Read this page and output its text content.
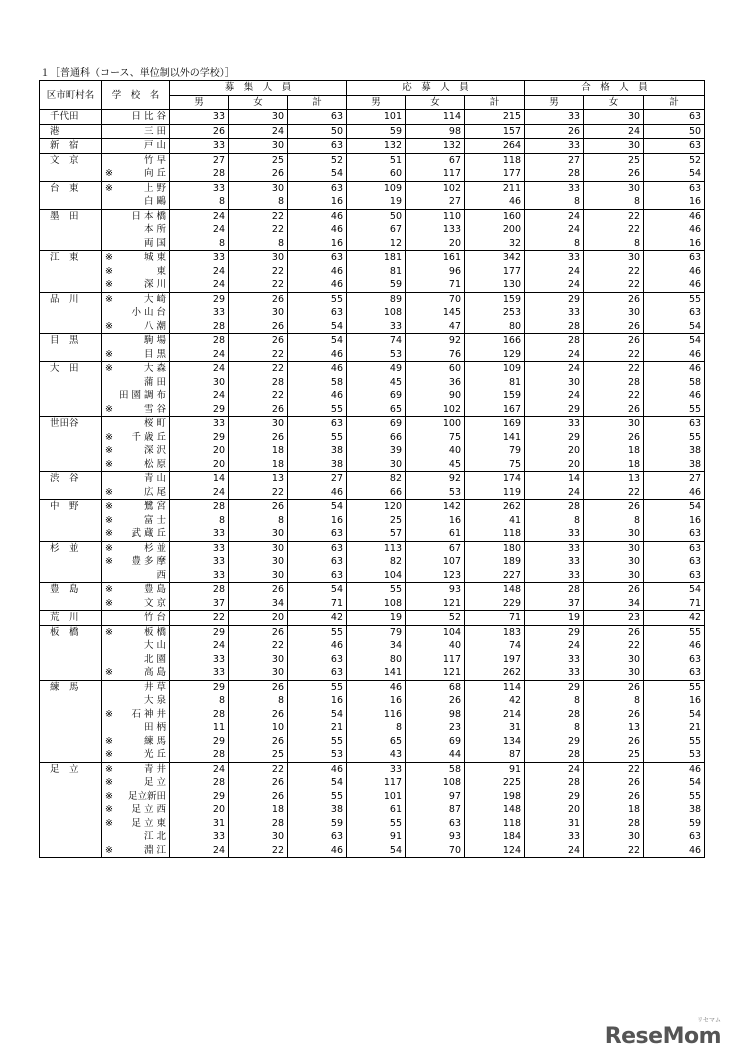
１［普通科（コース、単位制以外の学校）］
区市町村名	学　校　名	募　集　人　員			応　募　人　員			合　格　人　員		
		男	女	計	男	女	計	男	女	計
千代田	日 比 谷	33	30	63	101	114	215	33	30	63
港	三 田	26	24	50	59	98	157	26	24	50
新　宿	戸 山	33	30	63	132	132	264	33	30	63
文　京	竹 早	27	25	52	51	67	118	27	25	52

	※ 向 丘	28	26	54	60	117	177	28	26	54
台　東	※ 上 野	33	30	63	109	102	211	33	30	63

	白 鷗	8	8	16	19	27	46	8	8	16
墨　田	日 本 橋	24	22	46	50	110	160	24	22	46

	本 所	24	22	46	67	133	200	24	22	46

	両 国	8	8	16	12	20	32	8	8	16
江　東	※ 城 東	33	30	63	181	161	342	33	30	63

	※ 東	24	22	46	81	96	177	24	22	46

	※ 深 川	24	22	46	59	71	130	24	22	46
品　川	※ 大 崎	29	26	55	89	70	159	29	26	55

	小 山 台	33	30	63	108	145	253	33	30	63

	※ 八 潮	28	26	54	33	47	80	28	26	54
目　黒	駒 場	28	26	54	74	92	166	28	26	54

	※ 目 黒	24	22	46	53	76	129	24	22	46
大　田	※ 大 森	24	22	46	49	60	109	24	22	46

	蒲 田	30	28	58	45	36	81	30	28	58

	田 園 調 布	24	22	46	69	90	159	24	22	46

	※ 雪 谷	29	26	55	65	102	167	29	26	55
世田谷	桜 町	33	30	63	69	100	169	33	30	63

	※ 千 歳 丘	29	26	55	66	75	141	29	26	55

	※ 深 沢	20	18	38	39	40	79	20	18	38

	※ 松 原	20	18	38	30	45	75	20	18	38
渋　谷	青 山	14	13	27	82	92	174	14	13	27

	※ 広 尾	24	22	46	66	53	119	24	22	46
中　野	※ 鷺 宮	28	26	54	120	142	262	28	26	54

	※ 富 士	8	8	16	25	16	41	8	8	16

	※ 武 蔵 丘	33	30	63	57	61	118	33	30	63
杉　並	※ 杉 並	33	30	63	113	67	180	33	30	63

	※ 豊 多 摩	33	30	63	82	107	189	33	30	63

	西	33	30	63	104	123	227	33	30	63
豊　島	※ 豊 島	28	26	54	55	93	148	28	26	54

	※ 文 京	37	34	71	108	121	229	37	34	71
荒　川	竹 台	22	20	42	19	52	71	19	23	42
板　橋	※ 板 橋	29	26	55	79	104	183	29	26	55

	大 山	24	22	46	34	40	74	24	22	46

	北 園	33	30	63	80	117	197	33	30	63

	※ 高 島	33	30	63	141	121	262	33	30	63
練　馬	井 草	29	26	55	46	68	114	29	26	55

	大 泉	8	8	16	16	26	42	8	8	16

	※ 石 神 井	28	26	54	116	98	214	28	26	54

	田 柄	11	10	21	8	23	31	8	13	21

	※ 練 馬	29	26	55	65	69	134	29	26	55

	※ 光 丘	28	25	53	43	44	87	28	25	53
足　立	※ 青 井	24	22	46	33	58	91	24	22	46

	※ 足 立	28	26	54	117	108	225	28	26	54

	※ 足立新田	29	26	55	101	97	198	29	26	55

	※ 足 立 西	20	18	38	61	87	148	20	18	38

	※ 足 立 東	31	28	59	55	63	118	31	28	59

	江 北	33	30	63	91	93	184	33	30	63

	※ 淵 江	24	22	46	54	70	124	24	22	46
リセマム
ReseMom
